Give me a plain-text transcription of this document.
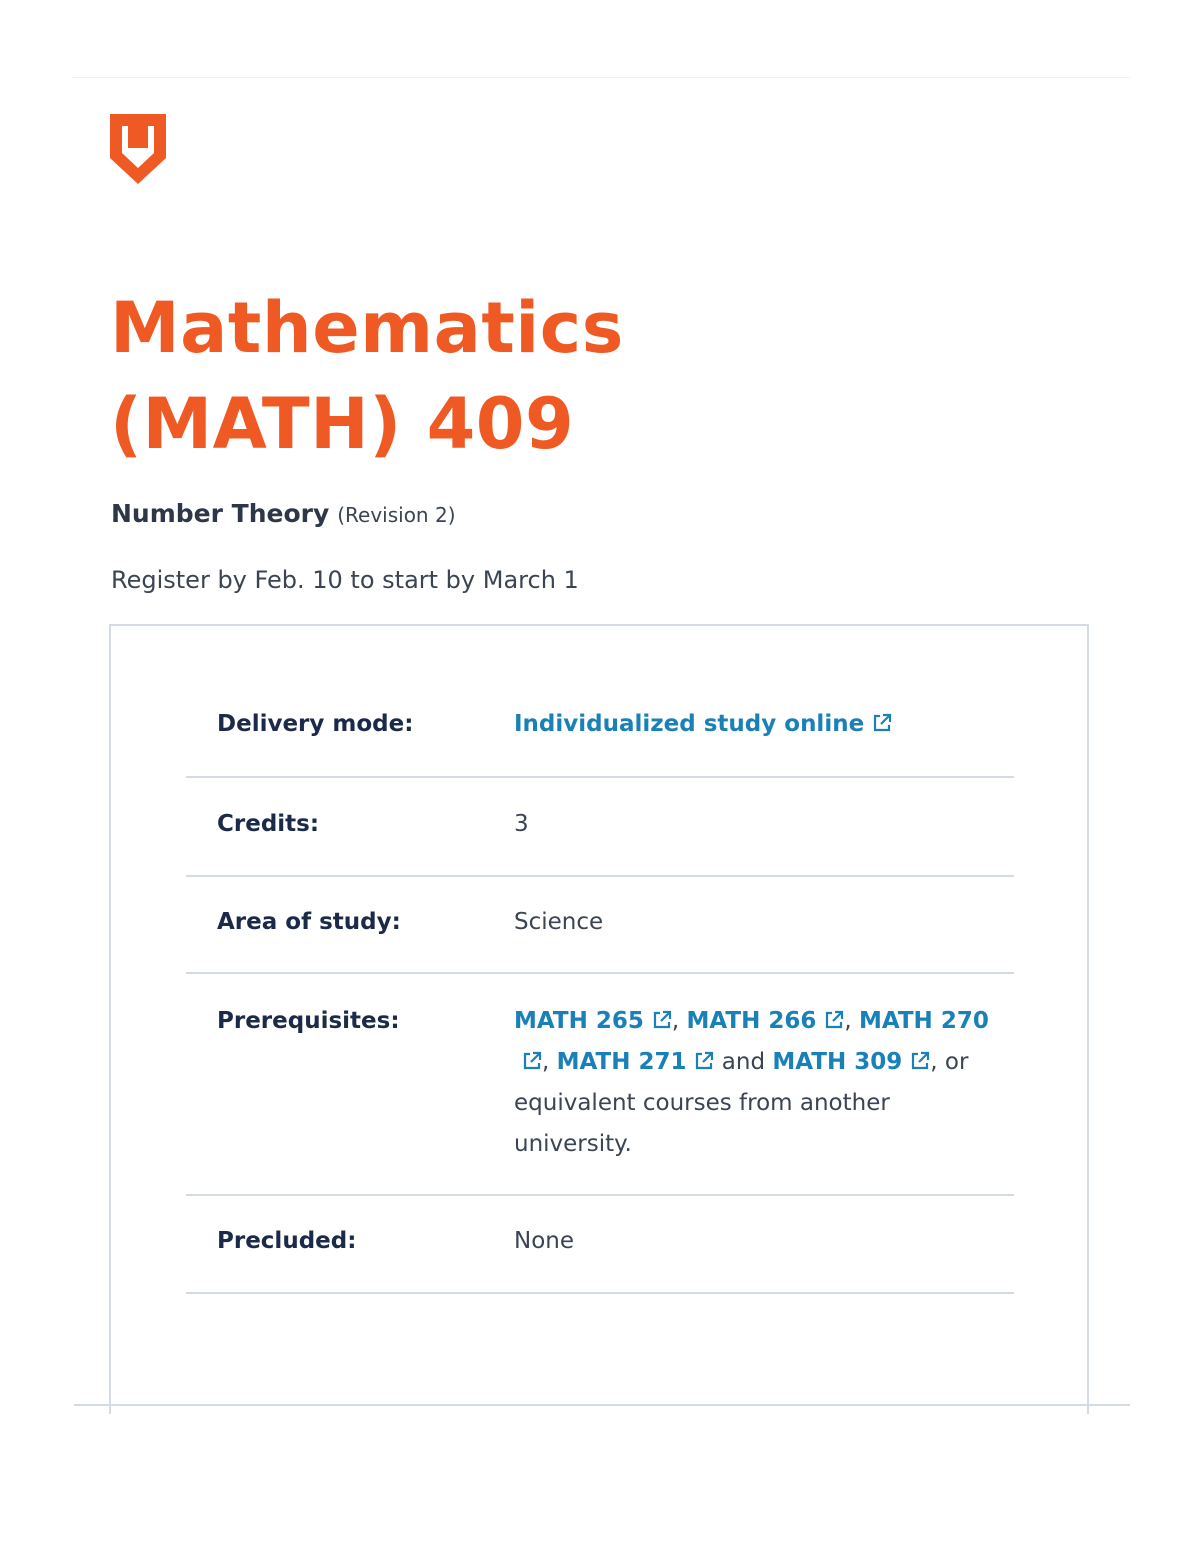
Mathematics
(MATH) 409

Number Theory (Revision 2)

Register by Feb. 10 to start by March 1

Delivery mode:	Individualized study online
Credits:	3
Area of study:	Science
Prerequisites:	MATH 265 , MATH 266 , MATH 270
, MATH 271
and MATH 309 , or equivalent courses from another university.
Precluded:	None
